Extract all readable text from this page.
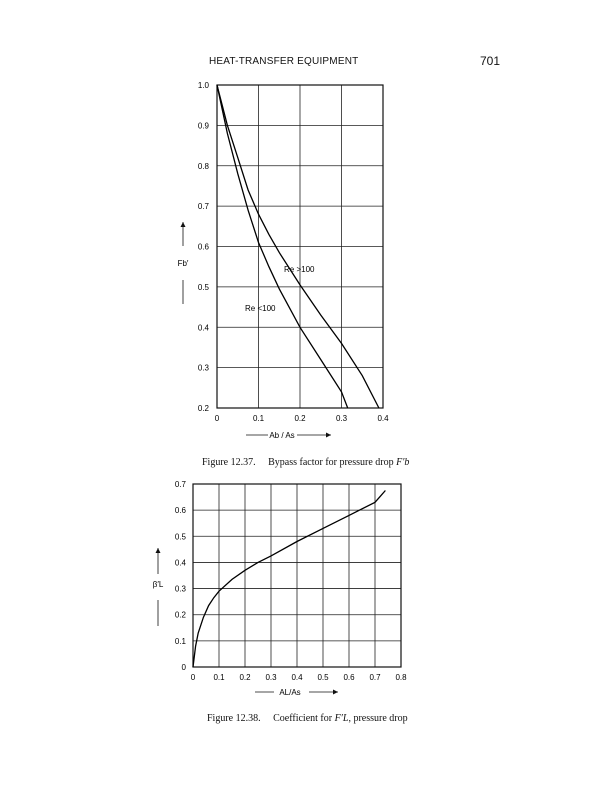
HEAT-TRANSFER EQUIPMENT	701
0	0.1	0.2	0.3	0.4
0.2
0.3
0.4
0.5
0.6
0.7
0.8
0.9
1.0
Re >100
Re <100
Ab / As
Fb′
0 0.1 0.2 0.3 0.4 0.5 0.6 0.7 0.8
0
0.1
0.2
0.3
0.4
0.5
0.6
0.7
AL/As
β′L
Figure 12.37. Bypass factor for pressure drop F′b
Figure 12.38. Coefficient for F′L, pressure drop
